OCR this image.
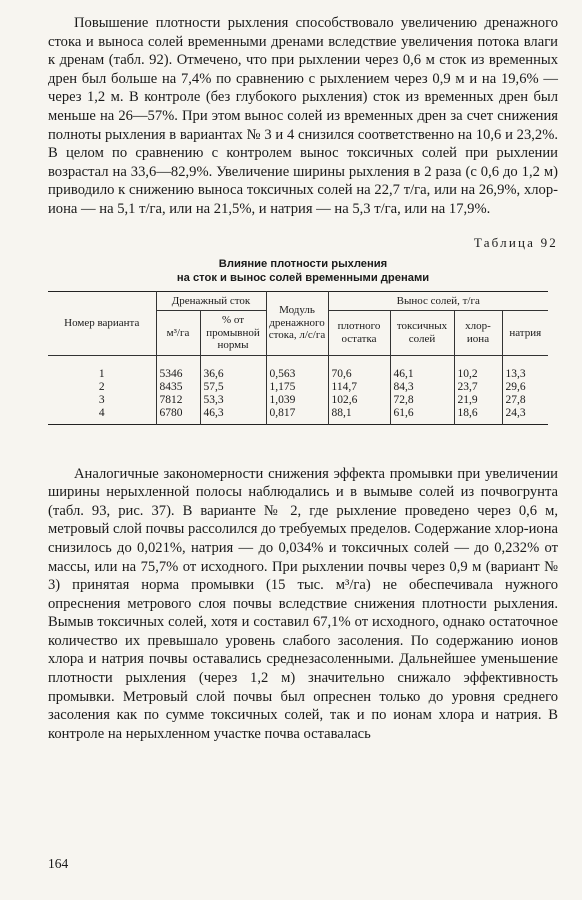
Повышение плотности рыхления способствовало увеличению дренажного стока и выноса солей временными дренами вследствие увеличения потока влаги к дренам (табл. 92). Отмечено, что при рыхлении через 0,6 м сток из временных дрен был больше на 7,4% по сравнению с рыхлением через 0,9 м и на 19,6% — через 1,2 м. В контроле (без глубокого рыхления) сток из временных дрен был меньше на 26—57%. При этом вынос солей из временных дрен за счет снижения полноты рыхления в вариантах № 3 и 4 снизился соответственно на 10,6 и 23,2%. В целом по сравнению с контролем вынос токсичных солей при рыхлении возрастал на 33,6—82,9%. Увеличение ширины рыхления в 2 раза (с 0,6 до 1,2 м) приводило к снижению выноса токсичных солей на 22,7 т/га, или на 26,9%, хлор-иона — на 5,1 т/га, или на 21,5%, и натрия — на 5,3 т/га, или на 17,9%.

Таблица 92
Влияние плотности рыхления
на сток и вынос солей временными дренами
Номер варианта	Дренажный сток		Модуль дренажного стока, л/с/га	Вынос солей, т/га			
	м³/га	% от промывной нормы		плотного остатка	токсичных солей	хлор-иона	натрия
1	5346	36,6	0,563	70,6	46,1	10,2	13,3
2	8435	57,5	1,175	114,7	84,3	23,7	29,6
3	7812	53,3	1,039	102,6	72,8	21,9	27,8
4	6780	46,3	0,817	88,1	61,6	18,6	24,3

Аналогичные закономерности снижения эффекта промывки при увеличении ширины нерыхленной полосы наблюдались и в вымыве солей из почвогрунта (табл. 93, рис. 37). В варианте № 2, где рыхление проведено через 0,6 м, метровый слой почвы рассолился до требуемых пределов. Содержание хлор-иона снизилось до 0,021%, натрия — до 0,034% и токсичных солей — до 0,232% от массы, или на 75,7% от исходного. При рыхлении почвы через 0,9 м (вариант № 3) принятая норма промывки (15 тыс. м³/га) не обеспечивала нужного опреснения метрового слоя почвы вследствие снижения плотности рыхления. Вымыв токсичных солей, хотя и составил 67,1% от исходного, однако остаточное количество их превышало уровень слабого засоления. По содержанию ионов хлора и натрия почвы оставались среднезасоленными. Дальнейшее уменьшение плотности рыхления (через 1,2 м) значительно снижало эффективность промывки. Метровый слой почвы был опреснен только до уровня среднего засоления как по сумме токсичных солей, так и по ионам хлора и натрия. В контроле на нерыхленном участке почва оставалась

164
